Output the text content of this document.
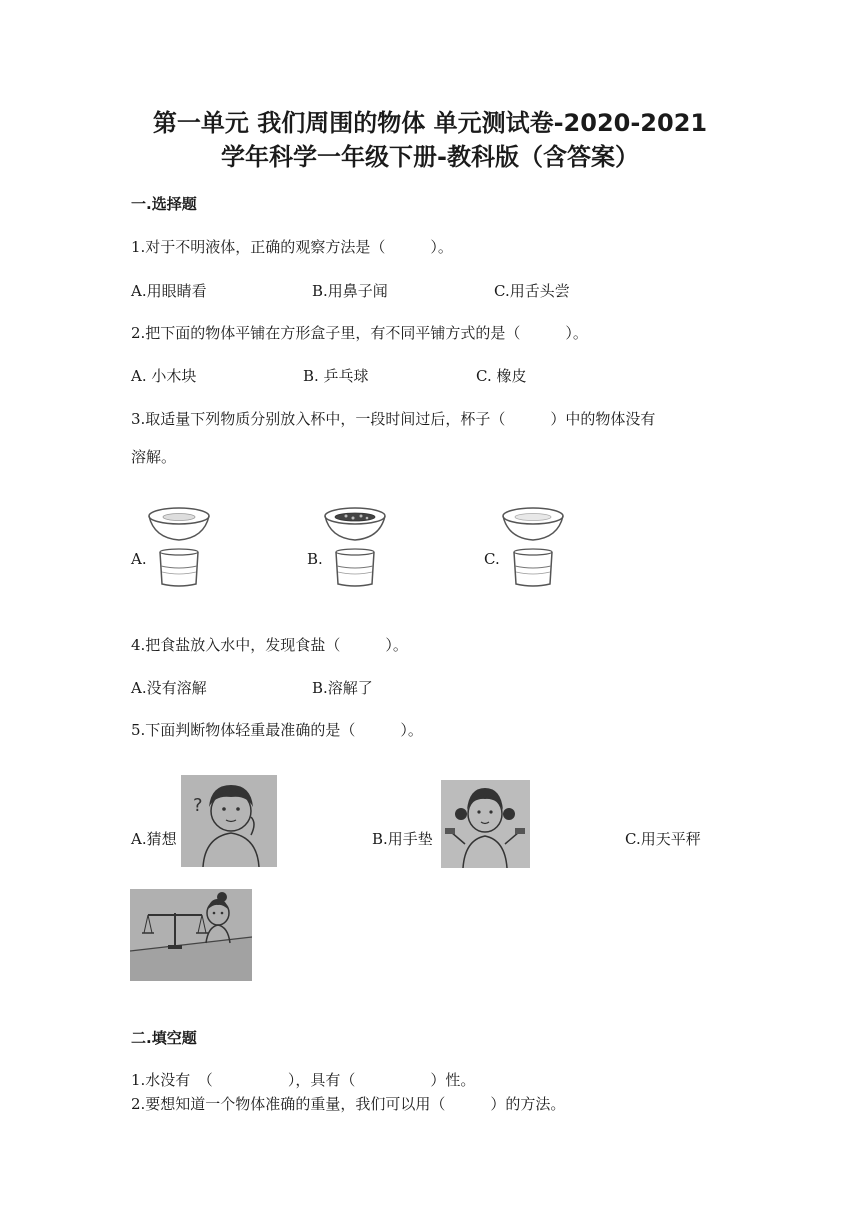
第一单元 我们周围的物体 单元测试卷-2020-2021
学年科学一年级下册-教科版（含答案）
一.选择题
1.对于不明液体，正确的观察方法是（　　　）。
A.用眼睛看	B.用鼻子闻	C.用舌头尝
2.把下面的物体平铺在方形盒子里，有不同平铺方式的是（　　　）。
A. 小木块	B. 乒乓球	C. 橡皮
3.取适量下列物质分别放入杯中，一段时间过后，杯子（　　　）中的物体没有
溶解。
A.	B.	C.
4.把食盐放入水中，发现食盐（　　　）。
A.没有溶解	B.溶解了
5.下面判断物体轻重最准确的是（　　　）。
A.猜想
?
B.用手垫	C.用天平秤
二.填空题
1.水没有　（　　　　　），具有（　　　　　）性。
2.要想知道一个物体准确的重量，我们可以用（　　　）的方法。
